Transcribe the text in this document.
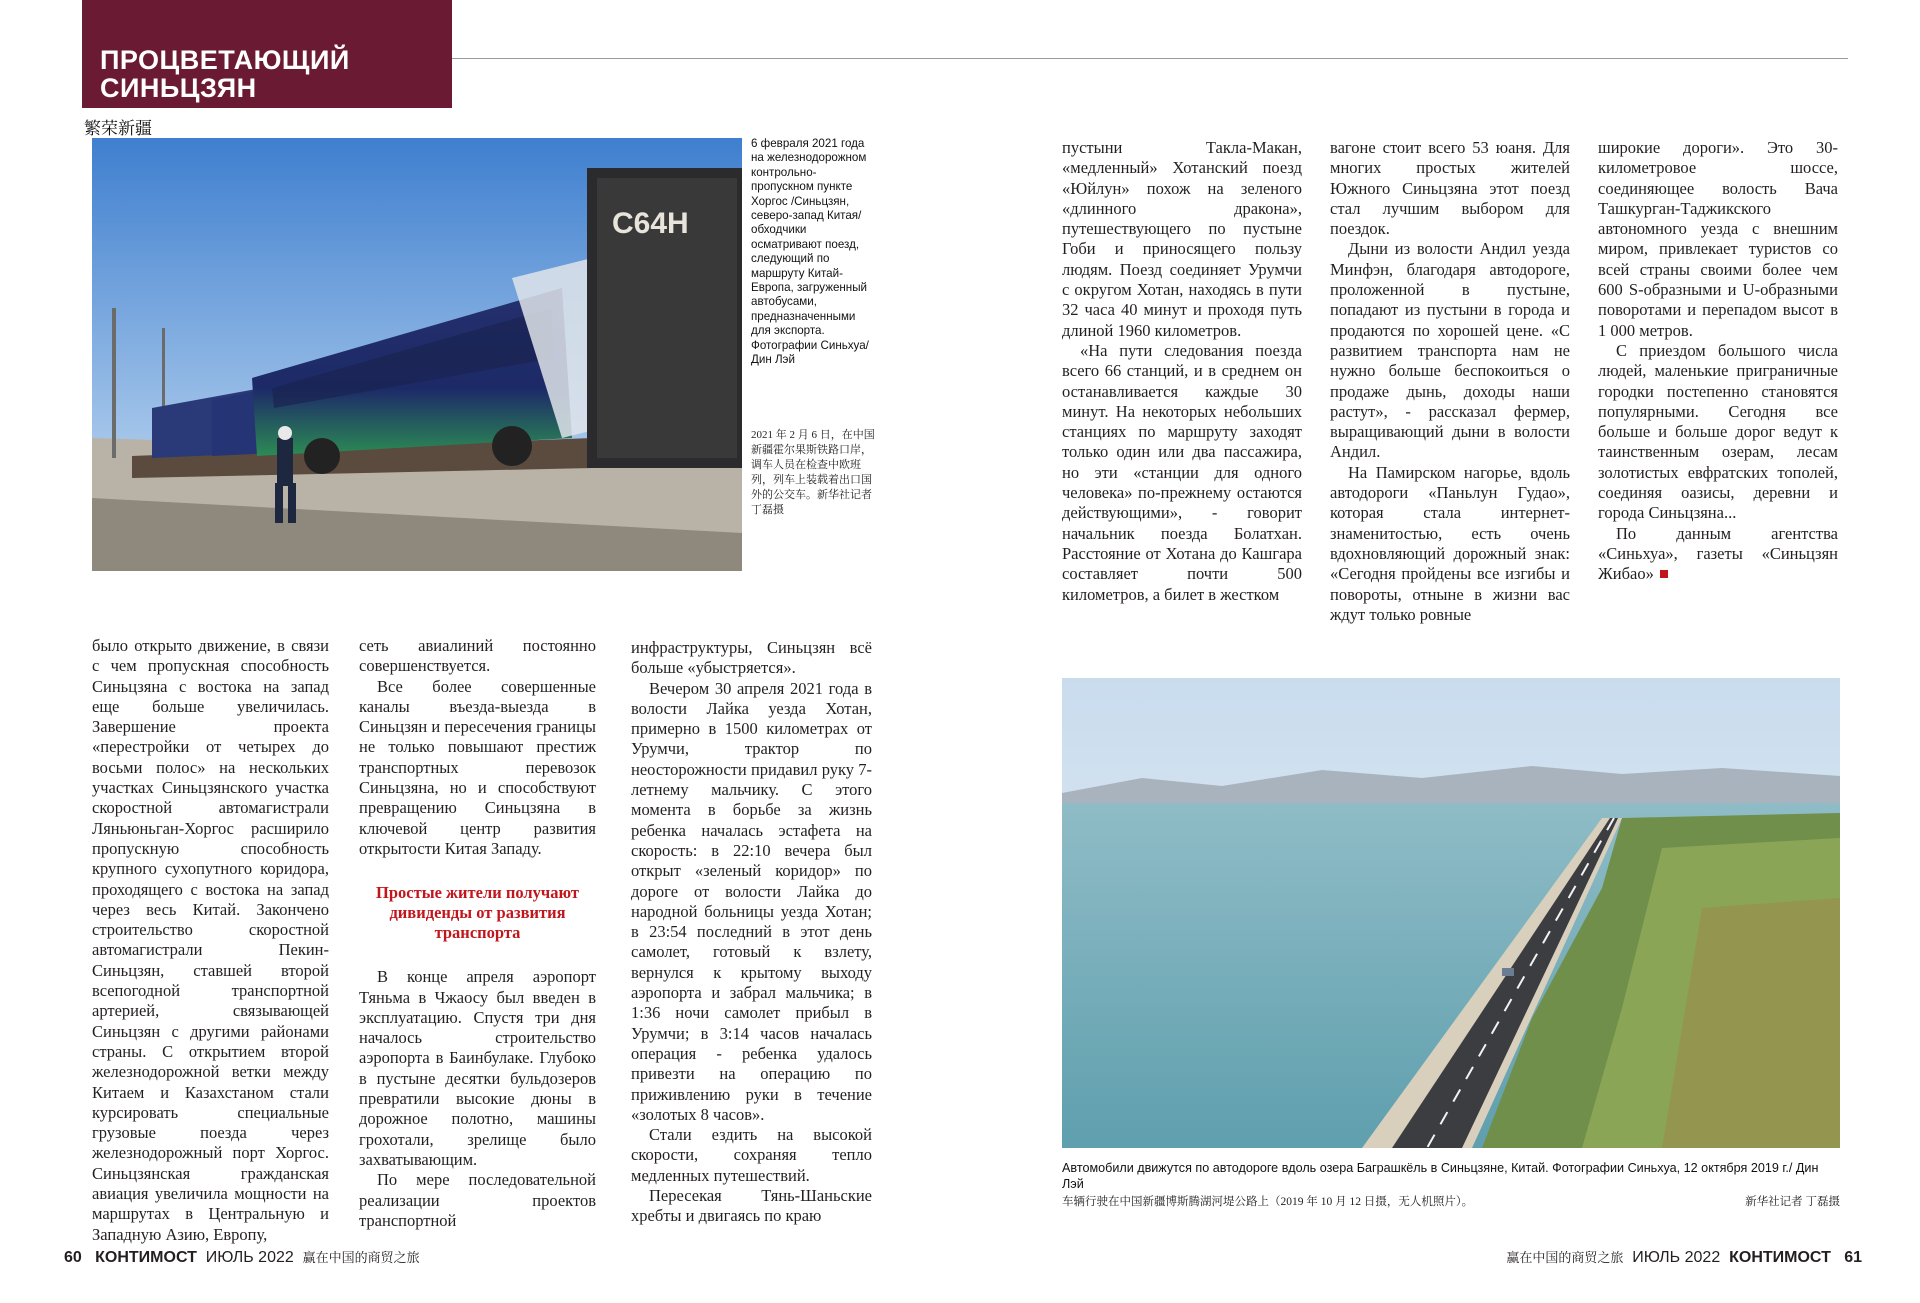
ПРОЦВЕТАЮЩИЙ
СИНЬЦЗЯН
繁荣新疆
C64H
6 февраля 2021 года на железнодорожном контрольно-пропускном пункте Хоргос /Синьцзян, северо-запад Китая/ обходчики осматривают поезд, следующий по маршруту Китай-Европа, загруженный автобусами, предназначенными для экспорта. Фотографии Синьхуа/ Дин Лэй
2021 年 2 月 6 日，在中国新疆霍尔果斯铁路口岸，调车人员在检查中欧班列，列车上装载着出口国外的公交车。新华社记者丁磊摄

было открыто движение, в связи с чем пропускная способность Синьцзяна с востока на запад еще больше увеличилась. Завершение проекта «перестройки от четырех до восьми полос» на нескольких участках Синьцзянского участка скоростной автомагистрали Ляньюньган-Хоргос расширило пропускную способность крупного сухопутного коридора, проходящего с востока на запад через весь Китай. Закончено строительство скоростной автомагистрали Пекин-Синьцзян, ставшей второй всепогодной транспортной артерией, связывающей Синьцзян с другими районами страны. С открытием второй железнодорожной ветки между Китаем и Казахстаном стали курсировать специальные грузовые поезда через железнодорожный порт Хоргос. Синьцзянская гражданская авиация увеличила мощности на маршрутах в Центральную и Западную Азию, Европу,

сеть авиалиний постоянно совершенствуется.

Все более совершенные каналы въезда-выезда в Синьцзян и пересечения границы не только повышают престиж транспортных перевозок Синьцзяна, но и способствуют превращению Синьцзяна в ключевой центр развития открытости Китая Западу.

Простые жители получают дивиденды от развития транспорта

В конце апреля аэропорт Тяньма в Чжаосу был введен в эксплуатацию. Спустя три дня началось строительство аэропорта в Баинбулаке. Глубоко в пустыне десятки бульдозеров превратили высокие дюны в дорожное полотно, машины грохотали, зрелище было захватывающим.

По мере последовательной реализации проектов транспортной

инфраструктуры, Синьцзян всё больше «убыстряется».

Вечером 30 апреля 2021 года в волости Лайка уезда Хотан, примерно в 1500 километрах от Урумчи, трактор по неосторожности придавил руку 7-летнему мальчику. С этого момента в борьбе за жизнь ребенка началась эстафета на скорость: в 22:10 вечера был открыт «зеленый коридор» по дороге от волости Лайка до народной больницы уезда Хотан; в 23:54 последний в этот день самолет, готовый к взлету, вернулся к крытому выходу аэропорта и забрал мальчика; в 1:36 ночи самолет прибыл в Урумчи; в 3:14 часов началась операция - ребенка удалось привезти на операцию по приживлению руки в течение «золотых 8 часов».

Стали ездить на высокой скорости, сохраняя тепло медленных путешествий.

Пересекая Тянь-Шаньские хребты и двигаясь по краю

пустыни Такла-Макан, «медленный» Хотанский поезд «Юйлун» похож на зеленого «длинного дракона», путешествующего по пустыне Гоби и приносящего пользу людям. Поезд соединяет Урумчи с округом Хотан, находясь в пути 32 часа 40 минут и проходя путь длиной 1960 километров.

«На пути следования поезда всего 66 станций, и в среднем он останавливается каждые 30 минут. На некоторых небольших станциях по маршруту заходят только один или два пассажира, но эти «станции для одного человека» по-прежнему остаются действующими», - говорит начальник поезда Болатхан. Расстояние от Хотана до Кашгара составляет почти 500 километров, а билет в жестком

вагоне стоит всего 53 юаня. Для многих простых жителей Южного Синьцзяна этот поезд стал лучшим выбором для поездок.

Дыни из волости Андил уезда Минфэн, благодаря автодороге, проложенной в пустыне, попадают из пустыни в города и продаются по хорошей цене. «С развитием транспорта нам не нужно больше беспокоиться о продаже дынь, доходы наши растут», - рассказал фермер, выращивающий дыни в волости Андил.

На Памирском нагорье, вдоль автодороги «Паньлун Гудао», которая стала интернет-знаменитостью, есть очень вдохновляющий дорожный знак: «Сегодня пройдены все изгибы и повороты, отныне в жизни вас ждут только ровные

широкие дороги». Это 30-километровое шоссе, соединяющее волость Вача Ташкурган-Таджикского автономного уезда с внешним миром, привлекает туристов со всей страны своими более чем 600 S-образными и U-образными поворотами и перепадом высот в 1 000 метров.

С приездом большого числа людей, маленькие приграничные городки постепенно становятся популярными. Сегодня все больше и больше дорог ведут к таинственным озерам, лесам золотистых евфратских тополей, соединяя оазисы, деревни и города Синьцзяна...

По данным агентства «Синьхуа», газеты «Синьцзян Жибао»

Автомобили движутся по автодороге вдоль озера Баграшкёль в Синьцзяне, Китай. Фотографии Синьхуа, 12 октября 2019 г./ Дин Лэй
车辆行驶在中国新疆博斯腾湖河堤公路上（2019 年 10 月 12 日摄，无人机照片）。	新华社记者 丁磊摄
60 КОНТИМОСТ ИЮЛЬ 2022 赢在中国的商贸之旅	赢在中国的商贸之旅 ИЮЛЬ 2022 КОНТИМОСТ 61
